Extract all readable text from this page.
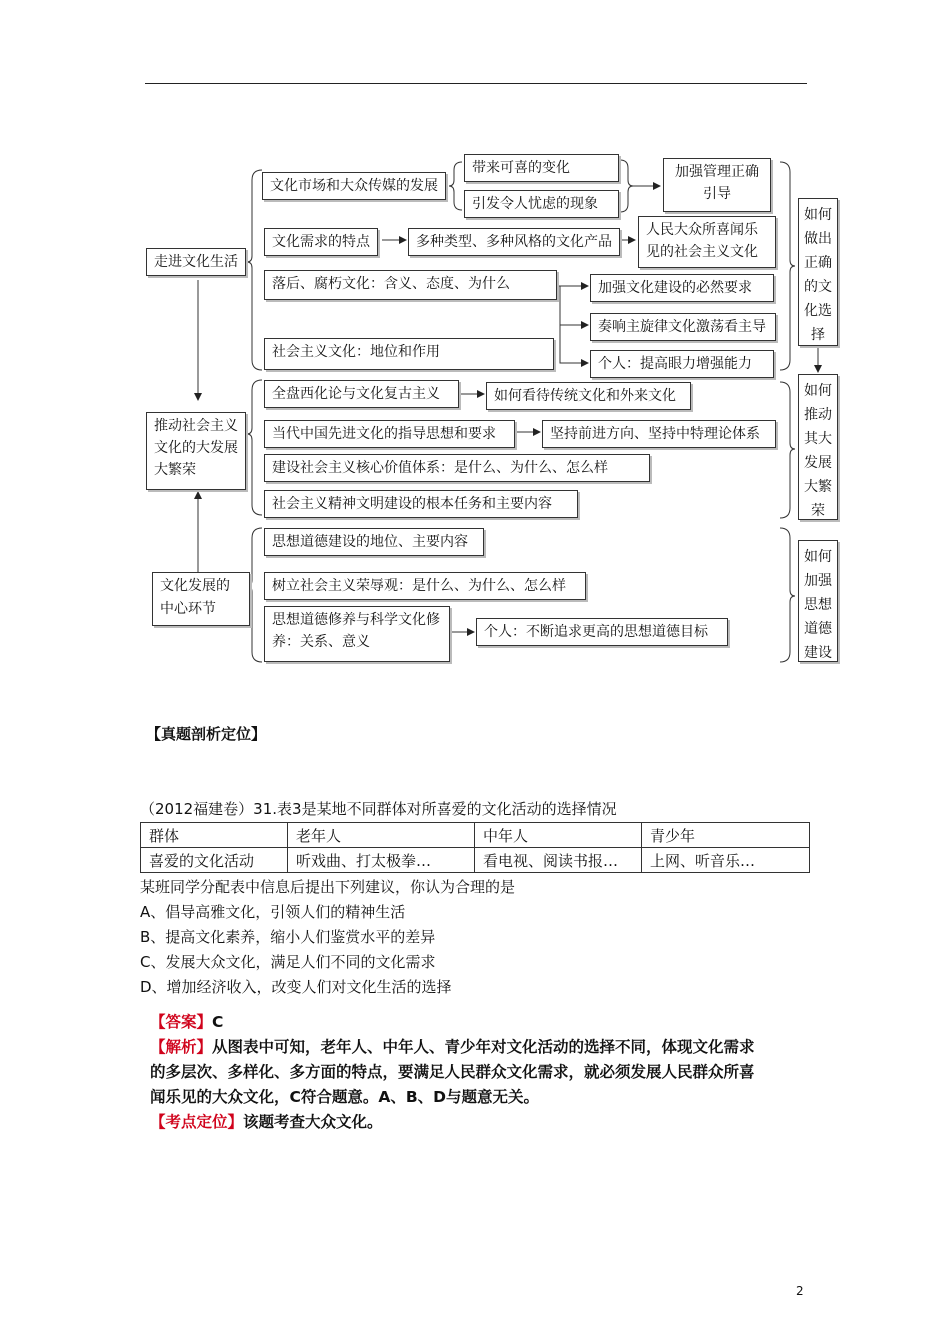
走进文化生活
推动社会主义文化的大发展大繁荣
文化发展的中心环节
文化市场和大众传媒的发展
带来可喜的变化
引发令人忧虑的现象
加强管理正确引导
文化需求的特点	多种类型、多种风格的文化产品
人民大众所喜闻乐见的社会主义文化
落后、腐朽文化：含义、态度、为什么	加强文化建设的必然要求
奏响主旋律文化激荡看主导
社会主义文化：地位和作用
个人：提高眼力增强能力
如何做出正确的文化选择
全盘西化论与文化复古主义	如何看待传统文化和外来文化
当代中国先进文化的指导思想和要求	坚持前进方向、坚持中特理论体系
建设社会主义核心价值体系：是什么、为什么、怎么样
社会主义精神文明建设的根本任务和主要内容
如何推动其大发展大繁荣
思想道德建设的地位、主要内容
树立社会主义荣辱观：是什么、为什么、怎么样
思想道德修养与科学文化修养：关系、意义
个人：不断追求更高的思想道德目标
如何加强思想道德建设
【真题剖析定位】
（2012福建卷）31.表3是某地不同群体对所喜爱的文化活动的选择情况
群体	老年人	中年人	青少年
喜爱的文化活动	听戏曲、打太极拳…	看电视、阅读书报…	上网、听音乐…
某班同学分配表中信息后提出下列建议，你认为合理的是
A、倡导高雅文化，引领人们的精神生活
B、提高文化素养，缩小人们鉴赏水平的差异
C、发展大众文化，满足人们不同的文化需求
D、增加经济收入，改变人们对文化生活的选择
【答案】C
【解析】从图表中可知，老年人、中年人、青少年对文化活动的选择不同，体现文化需求
的多层次、多样化、多方面的特点，要满足人民群众文化需求，就必须发展人民群众所喜
闻乐见的大众文化，C符合题意。A、B、D与题意无关。
【考点定位】该题考查大众文化。
2
